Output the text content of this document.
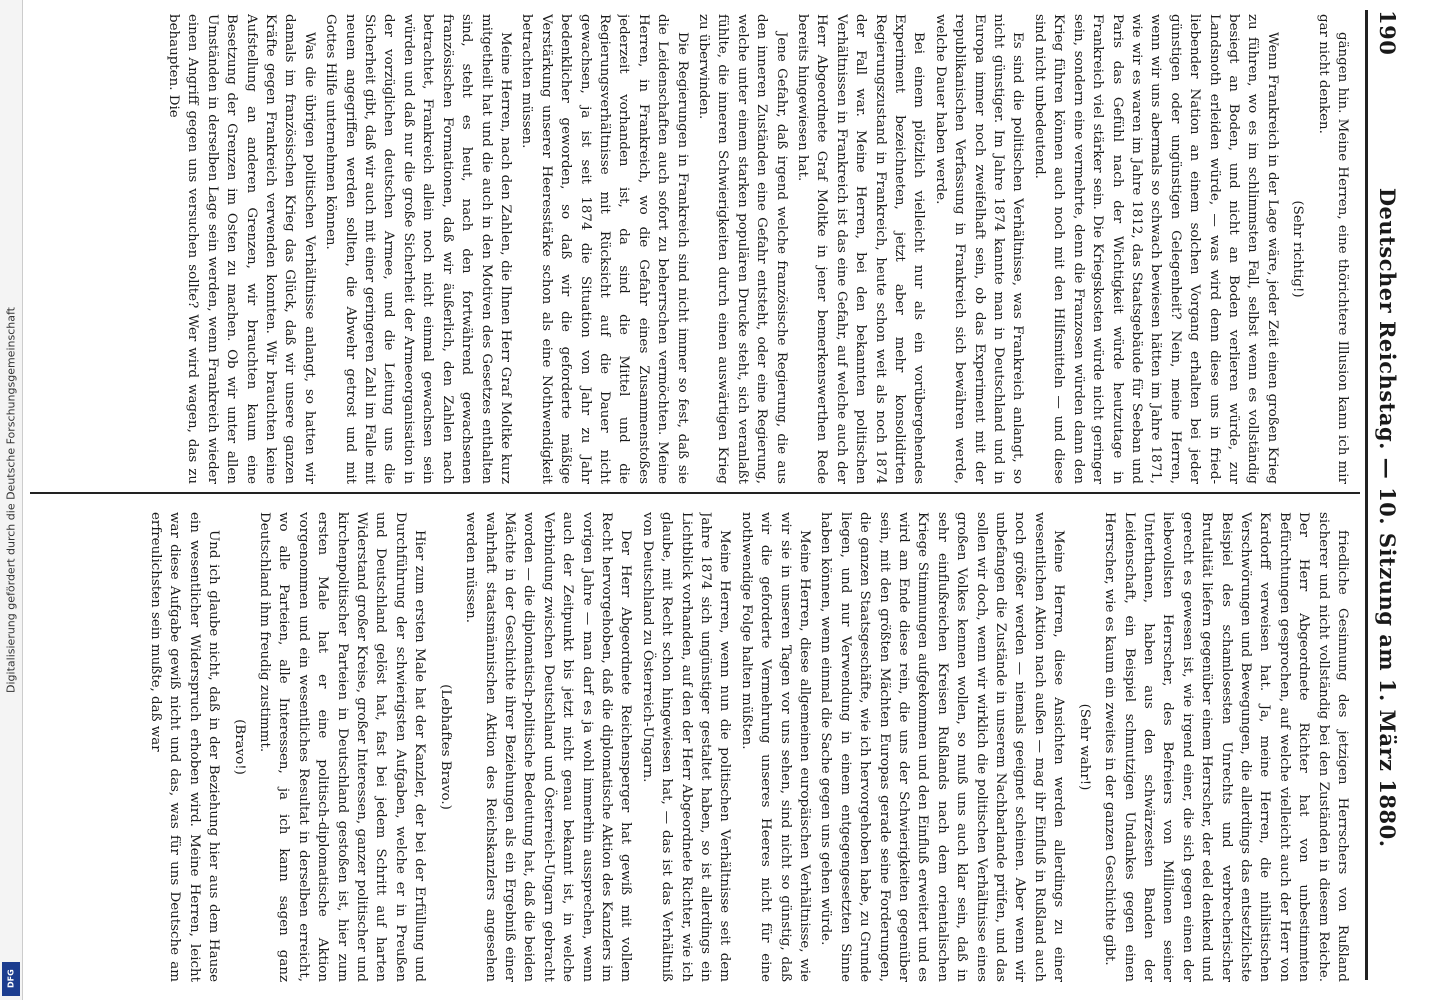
190
Deutscher Reichstag. — 10. Sitzung am 1. März 1880.

gängen hin. Meine Herren, eine thörichtere Illusion kann ich mir gar nicht denken.

(Sehr richtig!)

Wenn Frankreich in der Lage wäre, jeder Zeit einen großen Krieg zu führen, wo es im schlimmsten Fall, selbst wenn es vollständig besiegt an Boden, und nicht an Boden verlieren würde, zur Landsnoth erleiden würde, — was wird denn diese uns in fried-liebender Nation an einem solchen Vorgang erhalten bei jeder günstigen oder ungünstigen Gelegenheit? Nein, meine Herren, wenn wir uns abermals so schwach bewiesen hätten im Jahre 1871, wie wir es waren im Jahre 1812, das Staatsgebäude für Seeban und Paris das Gefühl nach der Wichtigkeit würde heutzutage in Frankreich viel stärker sein. Die Kriegskosten würde nicht geringer sein, sondern eine vermehrte, denn die Franzosen würden dann den Krieg führen können auch noch mit den Hilfsmitteln — und diese sind nicht unbedeutend.

Es sind die politischen Verhältnisse, was Frankreich anlangt, so nicht günstiger. Im Jahre 1874 kannte man in Deutschland und in Europa immer noch zweifelhaft sein, ob das Experiment mit der republikanischen Verfassung in Frankreich sich bewähren werde, welche Dauer haben werde.

Bei einem plötzlich vielleicht nur als ein vorübergehendes Experiment bezeichneten, jetzt aber mehr konsolidirten Regierungszustand in Frankreich, heute schon weit als noch 1874 der Fall war. Meine Herren, bei den bekannten politischen Verhältnissen in Frankreich ist das eine Gefahr, auf welche auch der Herr Abgeordnete Graf Moltke in jener bemerkenswerthen Rede bereits hingewiesen hat.

Jene Gefahr, daß irgend welche französische Regierung, die aus den inneren Zuständen eine Gefahr entsteht, oder eine Regierung, welche unter einem starken populären Drucke steht, sich veranlaßt fühlte, die inneren Schwierigkeiten durch einen auswärtigen Krieg zu überwinden.

Die Regierungen in Frankreich sind nicht immer so fest, daß sie die Leidenschaften auch sofort zu beherrschen vermöchten. Meine Herren, in Frankreich, wo die Gefahr eines Zusammenstoßes jederzeit vorhanden ist, da sind die Mittel und die Regierungsverhältnisse mit Rücksicht auf die Dauer nicht gewachsen, ja ist seit 1874 die Situation von Jahr zu Jahr bedenklicher geworden, so daß wir die geforderte mäßige Verstärkung unserer Heeresstärke schon als eine Nothwendigkeit betrachten müssen.

Meine Herren, nach den Zahlen, die Ihnen Herr Graf Moltke kurz mitgetheilt hat und die auch in den Motiven des Gesetzes enthalten sind, steht es heut, nach den fortwährend gewachsenen französischen Formationen, daß wir äußerlich, den Zahlen nach betrachtet, Frankreich allein noch nicht einmal gewachsen sein würden und daß nur die große Sicherheit der Armeeorganisation in der vorzüglichen deutschen Armee, und die Leitung uns die Sicherheit gibt, daß wir auch mit einer geringeren Zahl im Falle mit neuem angegriffen werden sollten, die Abwehr getrost und mit Gottes Hilfe unternehmen können.

Was die übrigen politischen Verhältnisse anlangt, so hatten wir damals im französischen Krieg das Glück, daß wir unsere ganzen Kräfte gegen Frankreich verwenden konnten. Wir brauchten keine Aufstellung an anderen Grenzen, wir brauchten kaum eine Besetzung der Grenzen im Osten zu machen. Ob wir unter allen Umständen in derselben Lage sein werden, wenn Frankreich wieder einen Angriff gegen uns versuchen sollte? Wer wird wagen, das zu behaupten. Die

friedliche Gesinnung des jetzigen Herrschers von Rußland sicherer und nicht vollständig bei den Zuständen in diesem Reiche. Der Herr Abgeordnete Richter hat von unbestimmten Befürchtungen gesprochen, auf welche vielleicht auch der Herr von Kardorff verweisen hat. Ja, meine Herren, die nihilistischen Verschwörungen und Bewegungen, die allerdings das entsetzlichste Beispiel des schamlosesten Unrechts und verbrecherischer Brutalität liefern gegenüber einem Herrscher, der edel denkend und gerecht es gewesen ist, wie irgend einer, die sich gegen einen der liebevollsten Herrscher, des Befreiers von Millionen seiner Unterthanen, haben aus den schwärzesten Banden der Leidenschaft, ein Beispiel schmutzigen Undankes gegen einen Herrscher, wie es kaum ein zweites in der ganzen Geschichte gibt.

(Sehr wahr!)

Meine Herren, diese Ansichten werden allerdings zu einer wesentlichen Aktion nach außen — mag ihr Einfluß in Rußland auch noch größer werden — niemals geeignet scheinen. Aber wenn wir unbefangen die Zustände in unserem Nachbarlande prüfen, und das sollen wir doch, wenn wir wirklich die politischen Verhältnisse eines großen Volkes kennen wollen, so muß uns auch klar sein, daß in sehr einflußreichen Kreisen Rußlands nach dem orientalischen Kriege Stimmungen aufgekommen und den Einfluß erweitert und es wird am Ende diese rein, die uns der Schwierigkeiten gegenüber sein, mit den größten Mächten Europas gerade seine Forderungen, die ganzen Staatsgeschäfte, wie ich hervorgehoben habe, zu Grunde liegen, und nur Verwendung in einem entgegengesetzten Sinne haben können, wenn einmal die Sache gegen uns gehen würde.

Meine Herren, diese allgemeinen europäischen Verhältnisse, wie wir sie in unseren Tagen vor uns sehen, sind nicht so günstig, daß wir die geforderte Vermehrung unseres Heeres nicht für eine nothwendige Folge halten müßten.

Meine Herren, wenn nun die politischen Verhältnisse seit dem Jahre 1874 sich ungünstiger gestaltet haben, so ist allerdings ein Lichtblick vorhanden, auf den der Herr Abgeordnete Richter, wie ich glaube, mit Recht schon hingewiesen hat, — das ist das Verhältniß von Deutschland zu Österreich-Ungarn.

Der Herr Abgeordnete Reichensperger hat gewiß mit vollem Recht hervorgehoben, daß die diplomatische Aktion des Kanzlers im vorigen Jahre — man darf es ja wohl immerhin aussprechen, wenn auch der Zeitpunkt bis jetzt nicht genau bekannt ist, in welche Verbindung zwischen Deutschland und Österreich-Ungarn gebracht worden — die diplomatisch-politische Bedeutung hat, daß die beiden Mächte in der Geschichte ihrer Beziehungen als ein Ergebniß einer wahrhaft staatsmännischen Aktion des Reichskanzlers angesehen werden müssen.

(Lebhaftes Bravo.)

Hier zum ersten Male hat der Kanzler, der bei der Erfüllung und Durchführung der schwierigsten Aufgaben, welche er in Preußen und Deutschland gelöst hat, fast bei jedem Schritt auf harten Widerstand großer Kreise, großer Interessen, ganzer politischer und kirchenpolitischer Parteien in Deutschland gestoßen ist, hier zum ersten Male hat er eine politisch-diplomatische Aktion vorgenommen und ein wesentliches Resultat in derselben erreicht, wo alle Parteien, alle Interessen, ja ich kann sagen ganz Deutschland ihm freudig zustimmt.

(Bravo!)

Und ich glaube nicht, daß in der Beziehung hier aus dem Hause ein wesentlicher Widerspruch erhoben wird. Meine Herren, leicht war diese Aufgabe gewiß nicht und das, was für uns Deutsche am erfreulichsten sein mußte, daß war

Digitalisierung gefördert durch die Deutsche Forschungsgemeinschaft
DFG
